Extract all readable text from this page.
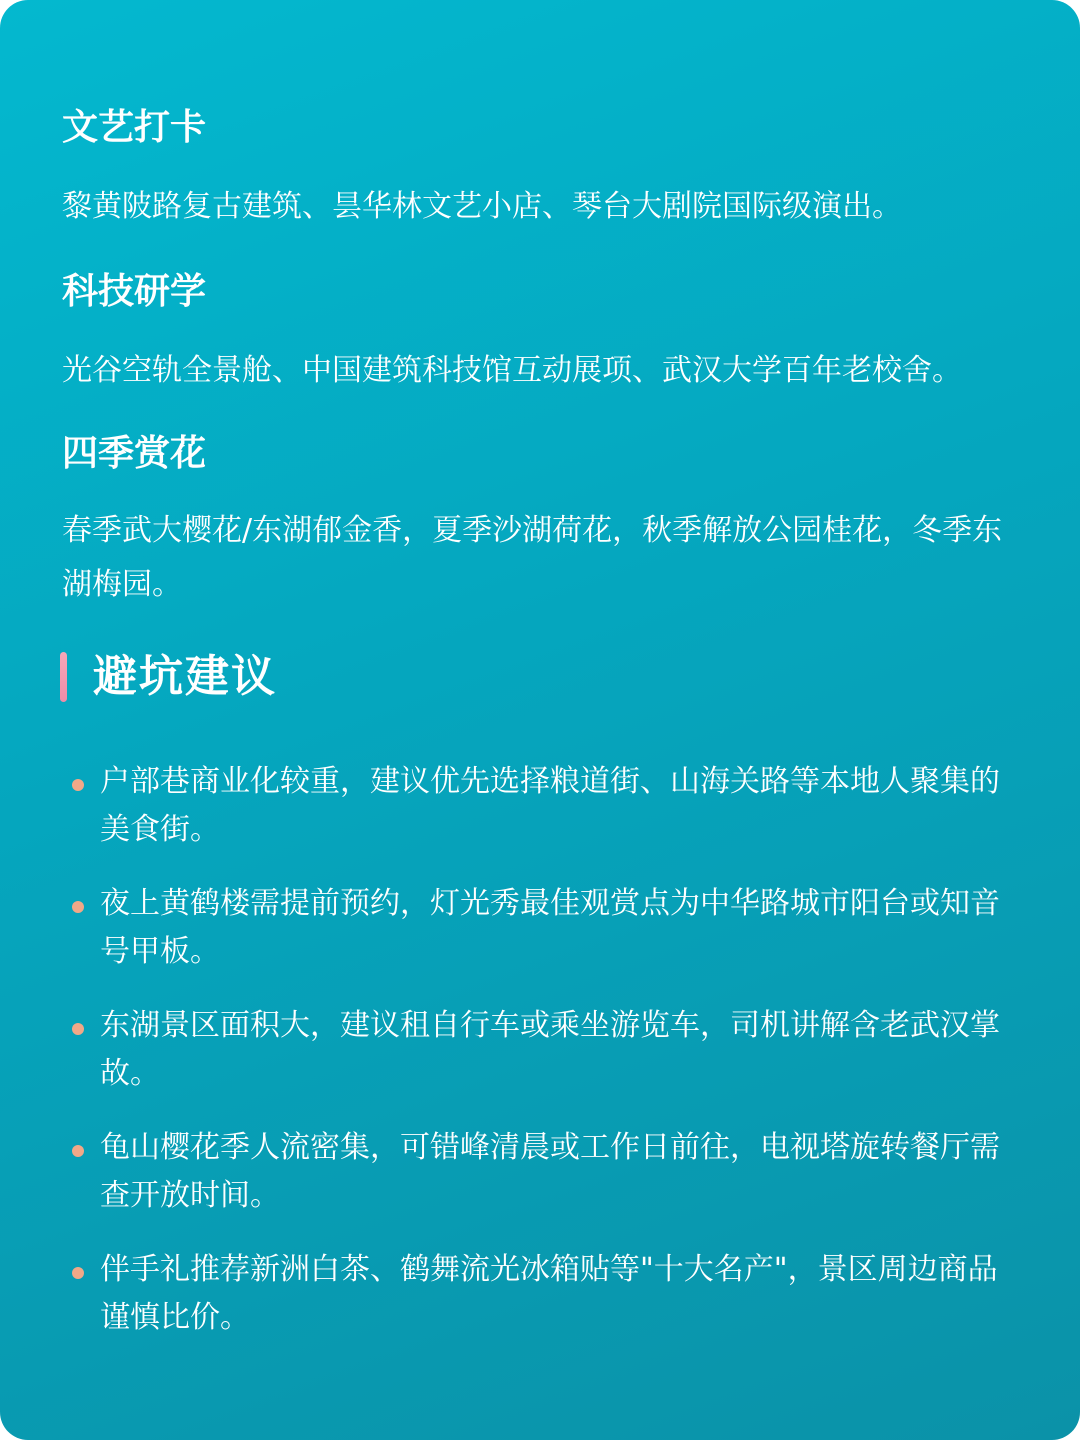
文艺打卡

黎黄陂路复古建筑、昙华林文艺小店、琴台大剧院国际级演出。

科技研学

光谷空轨全景舱、中国建筑科技馆互动展项、武汉大学百年老校舍。

四季赏花

春季武大樱花/东湖郁金香，夏季沙湖荷花，秋季解放公园桂花，冬季东湖梅园。

避坑建议
户部巷商业化较重，建议优先选择粮道街、山海关路等本地人聚集的美食街。
夜上黄鹤楼需提前预约，灯光秀最佳观赏点为中华路城市阳台或知音号甲板。
东湖景区面积大，建议租自行车或乘坐游览车，司机讲解含老武汉掌故。
龟山樱花季人流密集，可错峰清晨或工作日前往，电视塔旋转餐厅需查开放时间。
伴手礼推荐新洲白茶、鹤舞流光冰箱贴等"十大名产"，景区周边商品谨慎比价。
